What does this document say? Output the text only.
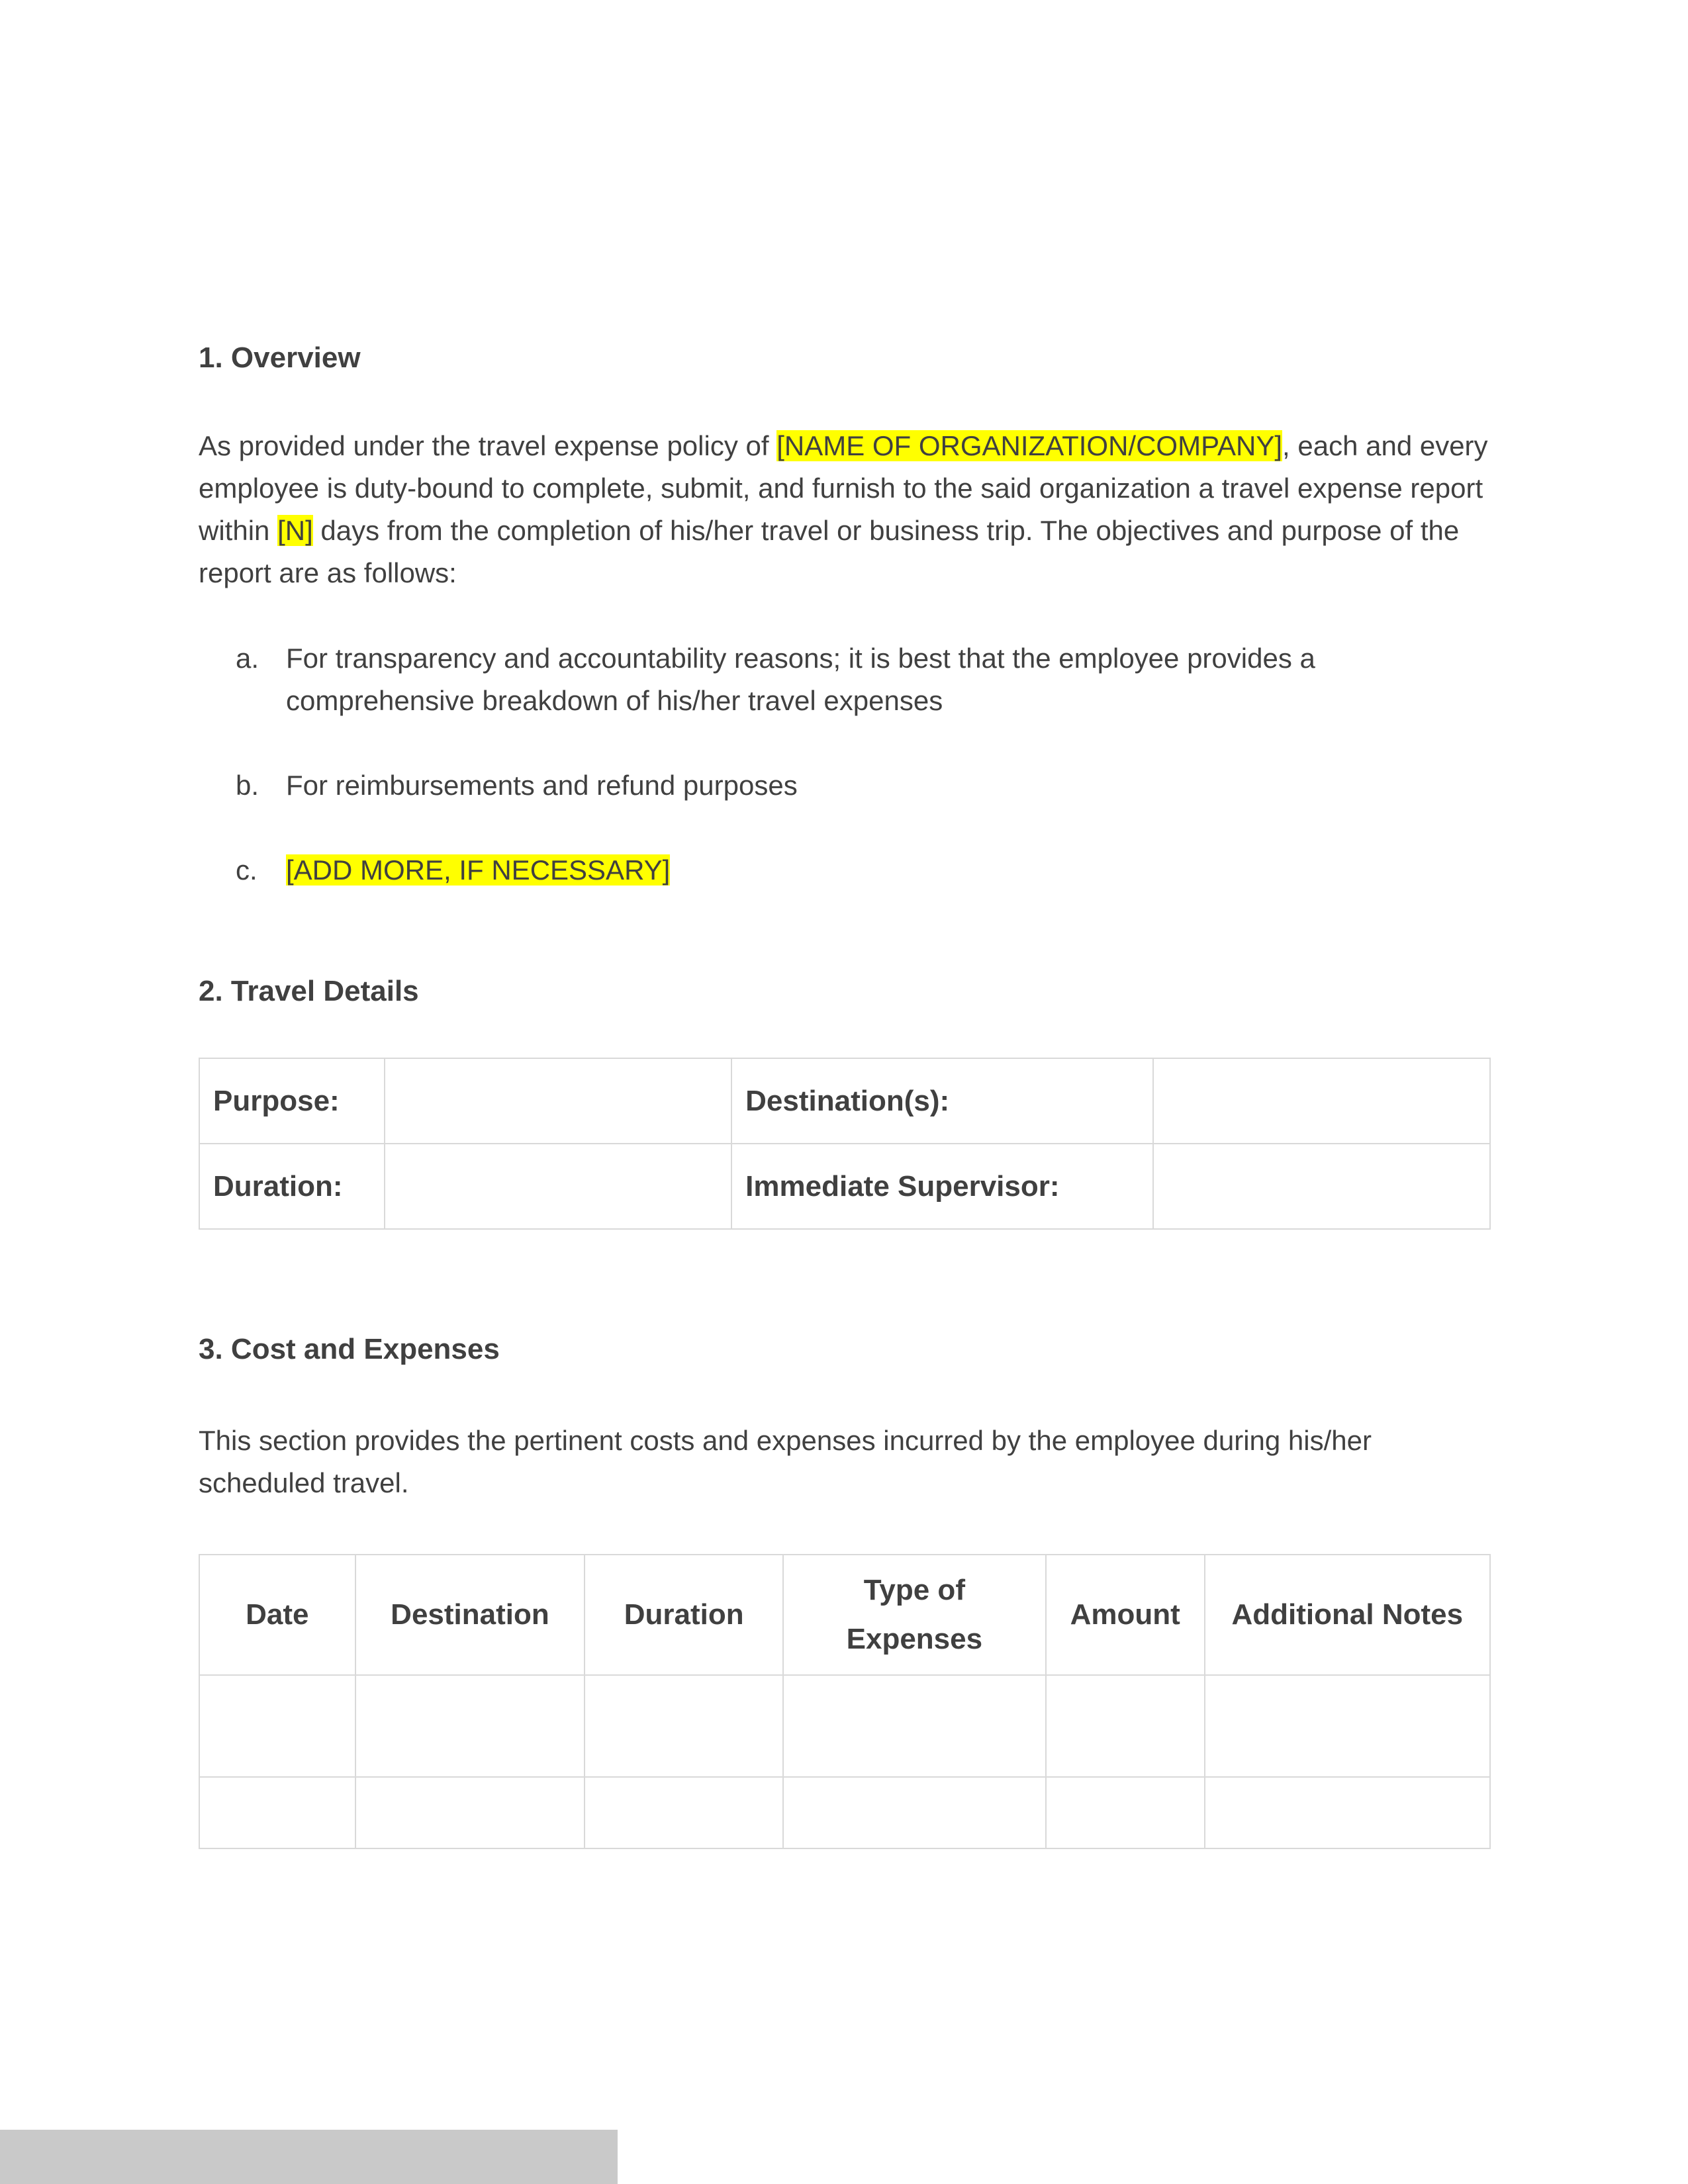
1. Overview

As provided under the travel expense policy of [NAME OF ORGANIZATION/COMPANY], each and every employee is duty-bound to complete, submit, and furnish to the said organization a travel expense report within [N] days from the completion of his/her travel or business trip. The objectives and purpose of the report are as follows:

a. For transparency and accountability reasons; it is best that the employee provides a comprehensive breakdown of his/her travel expenses
b. For reimbursements and refund purposes
c.	[ADD MORE, IF NECESSARY]
2. Travel Details
Purpose:		Destination(s):	
Duration:		Immediate Supervisor:	
3. Cost and Expenses

This section provides the pertinent costs and expenses incurred by the employee during his/her scheduled travel.

Date	Destination	Duration	Type of Expenses	Amount	Additional Notes
